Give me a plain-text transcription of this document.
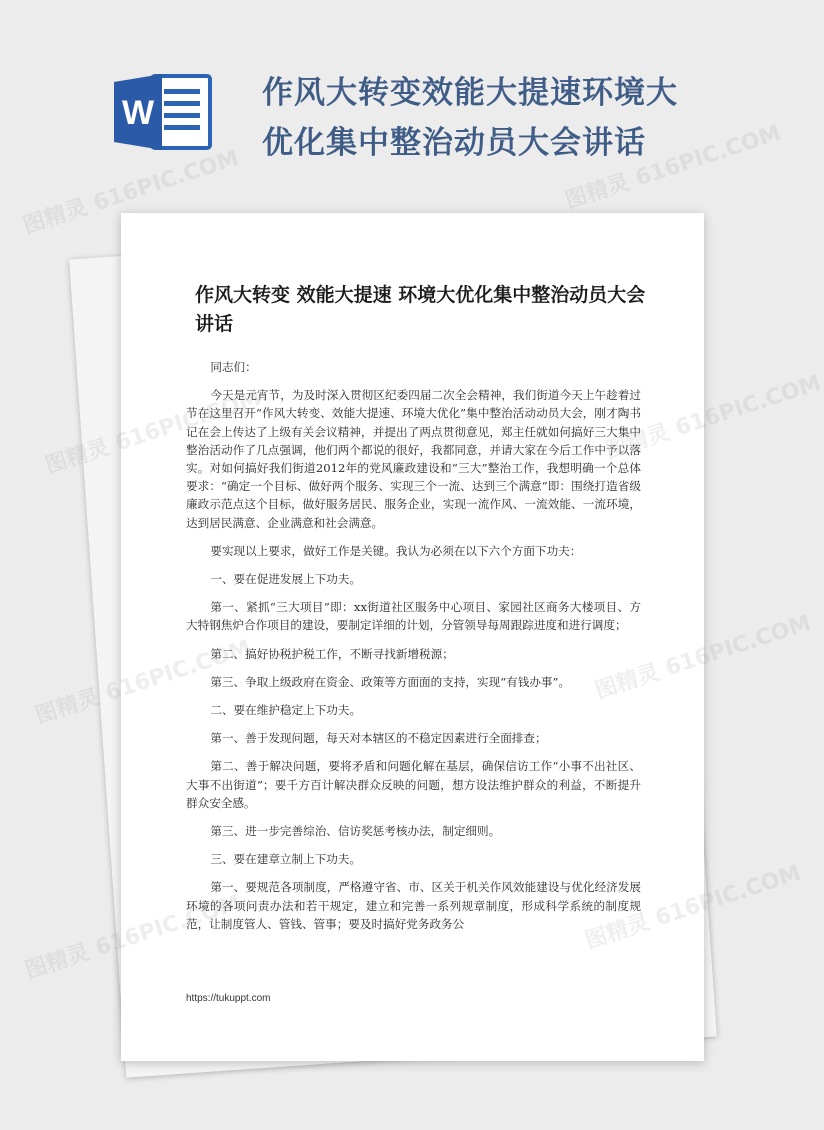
W
作风大转变效能大提速环境大
优化集中整治动员大会讲话
作风大转变 效能大提速 环境大优化集中整治动员大会讲话

同志们：

今天是元宵节，为及时深入贯彻区纪委四届二次全会精神，我们街道今天上午趁着过节在这里召开“作风大转变、效能大提速、环境大优化”集中整治活动动员大会，刚才陶书记在会上传达了上级有关会议精神，并提出了两点贯彻意见，郑主任就如何搞好三大集中整治活动作了几点强调，他们两个都说的很好，我都同意，并请大家在今后工作中予以落实。对如何搞好我们街道2012年的党风廉政建设和“三大”整治工作，我想明确一个总体要求：“确定一个目标、做好两个服务、实现三个一流、达到三个满意”即：围绕打造省级廉政示范点这个目标，做好服务居民、服务企业，实现一流作风、一流效能、一流环境，达到居民满意、企业满意和社会满意。

要实现以上要求，做好工作是关键。我认为必须在以下六个方面下功夫：

一、要在促进发展上下功夫。

第一、紧抓“三大项目”即：xx街道社区服务中心项目、家园社区商务大楼项目、方大特钢焦炉合作项目的建设，要制定详细的计划，分管领导每周跟踪进度和进行调度；

第二、搞好协税护税工作，不断寻找新增税源；

第三、争取上级政府在资金、政策等方面面的支持，实现“有钱办事”。

二、要在维护稳定上下功夫。

第一、善于发现问题，每天对本辖区的不稳定因素进行全面排查；

第二、善于解决问题，要将矛盾和问题化解在基层，确保信访工作“小事不出社区、大事不出街道”；要千方百计解决群众反映的问题，想方设法维护群众的利益，不断提升群众安全感。

第三、进一步完善综治、信访奖惩考核办法，制定细则。

三、要在建章立制上下功夫。

第一、要规范各项制度，严格遵守省、市、区关于机关作风效能建设与优化经济发展环境的各项问责办法和若干规定，建立和完善一系列规章制度，形成科学系统的制度规范，让制度管人、管钱、管事；要及时搞好党务政务公

https://tukuppt.com
图精灵 616PIC.COM	图精灵 616PIC.COM
图精灵	图精灵 616PIC.COM
图精灵
616PIC.COM
图精灵
616PIC.COM
